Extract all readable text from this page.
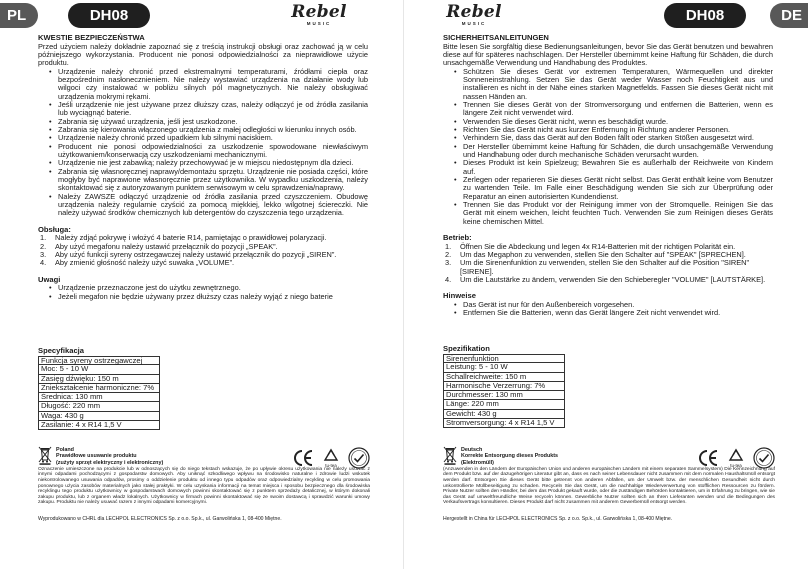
PL	DH08	Rebel
MUSIC
KWESTIE BEZPIECZEŃSTWA
Przed użyciem należy dokładnie zapoznać się z treścią instrukcji obsługi oraz zachować ją w celu późniejszego wykorzystania. Producent nie ponosi odpowiedzialności za nieprawidłowe użycie produktu.
• Urządzenie należy chronić przed ekstremalnymi temperaturami, źródłami ciepła oraz bezpośrednim nasłonecznieniem. Nie należy wystawiać urządzenia na działanie wody lub wilgoci czy instalować w pobliżu silnych pól magnetycznych. Nie należy obsługiwać urządzenia mokrymi rękami.
• Jeśli urządzenie nie jest używane przez dłuższy czas, należy odłączyć je od źródła zasilania lub wyciągnąć baterie.
• Zabrania się używać urządzenia, jeśli jest uszkodzone.
• Zabrania się kierowania włączonego urządzenia z małej odległości w kierunku innych osób.
• Urządzenie należy chronić przed upadkiem lub silnymi naciskiem.
• Producent nie ponosi odpowiedzialności za uszkodzenie spowodowane niewłaściwym użytkowaniem/konserwacją czy uszkodzeniami mechanicznymi.
• Urządzenie nie jest zabawką; należy przechowywać je w miejscu niedostępnym dla dzieci.
• Zabrania się własnoręcznej naprawy/demontażu sprzętu. Urządzenie nie posiada części, które mogłyby być naprawione własnoręcznie przez użytkownika. W wypadku uszkodzenia, należy skontaktować się z autoryzowanym punktem serwisowym w celu sprawdzenia/naprawy.
• Należy ZAWSZE odłączyć urządzenie od źródła zasilania przed czyszczeniem. Obudowę urządzenia należy regularnie czyścić za pomocą miękkiej, lekko wilgotnej ściereczki. Nie należy używać środków chemicznych lub detergentów do czyszczenia tego urządzenia.
Obsługa:
1. Należy zdjąć pokrywę i włożyć 4 baterie R14, pamiętając o prawidłowej polaryzacji.
2. Aby użyć megafonu należy ustawić przełącznik do pozycji „SPEAK”.
3. Aby użyć funkcji syreny ostrzegawczej należy ustawić przełącznik do pozycji „SIREN”.
4. Aby zmienić głośność należy użyć suwaka „VOLUME”.
Uwagi
• Urządzenie przeznaczone jest do użytku zewnętrznego.
• Jeżeli megafon nie będzie używany przez dłuższy czas należy wyjąć z niego baterie
Specyfikacja
Funkcja syreny ostrzegawczej
Moc: 5 - 10 W
Zasięg dźwięku: 150 m
Zniekształcenie harmoniczne: 7%
Średnica: 130 mm
Długość: 220 mm
Waga: 430 g
Zasilanie: 4 x R14 1,5 V
Poland
Prawidłowe usuwanie produktu
(zużyty sprzęt elektryczny i elektroniczny)	tu-tea
Oznaczenie umieszczone na produkcie lub w odnoszących się do niego tekstach wskazuje, że po upływie okresu użytkowania nie należy usuwać z innymi odpadami pochodzącymi z gospodarstw domowych. Aby uniknąć szkodliwego wpływu na środowisko naturalne i zdrowie ludzi wskutek niekontrolowanego usuwania odpadów, prosimy o oddzielenie produktu od innego typu odpadów oraz odpowiedzialny recykling w celu promowania ponownego użycia zasobów materialnych jako stałej praktyki. W celu uzyskania informacji na temat miejsca i sposobu bezpiecznego dla środowiska recyklingu tego produktu użytkownicy w gospodarstwach domowych powinni skontaktować się z punktem sprzedaży detalicznej, w którym dokonali zakupu produktu, lub z organem władz lokalnych. Użytkownicy w firmach powinni skontaktować się ze swoim dostawcą i sprawdzić warunki umowy zakupu. Produktu nie należy usuwać razem z innymi odpadami komercyjnymi.
Wyprodukowano w CHRL dla LECHPOL ELECTRONICS Sp. z o.o. Sp.k., ul. Garwolińska 1, 08-400 Miętne.
DE
DH08
Rebel
MUSIC
SICHERHEITSANLEITUNGEN
Bitte lesen Sie sorgfältig diese Bedienungsanleitungen, bevor Sie das Gerät benutzen und bewahren diese auf für späteres nachschlagen. Der Hersteller übernimmt keine Haftung für Schäden, die durch unsachgemäße Verwendung und Handhabung des Produktes.
• Schützen Sie dieses Gerät vor extremen Temperaturen, Wärmequellen und direkter Sonneneinstrahlung. Setzen Sie das Gerät weder Wasser noch Feuchtigkeit aus und installieren es nicht in der Nähe eines starken Magnetfelds. Fassen Sie dieses Gerät nicht mit nassen Händen an.
• Trennen Sie dieses Gerät von der Stromversorgung und entfernen die Batterien, wenn es längere Zeit nicht verwendet wird.
• Verwenden Sie dieses Gerät nicht, wenn es beschädigt wurde.
• Richten Sie das Gerät nicht aus kurzer Entfernung in Richtung anderer Personen.
• Verhindern Sie, dass das Gerät auf den Boden fällt oder starken Stößen ausgesetzt wird.
• Der Hersteller übernimmt keine Haftung für Schäden, die durch unsachgemäße Verwendung und Handhabung oder durch mechanische Schäden verursacht wurden.
• Dieses Produkt ist kein Spielzeug; Bewahren Sie es außerhalb der Reichweite von Kindern auf.
• Zerlegen oder reparieren Sie dieses Gerät nicht selbst. Das Gerät enthält keine vom Benutzer zu wartenden Teile. Im Falle einer Beschädigung wenden Sie sich zur Überprüfung oder Reparatur an einen autorisierten Kundendienst.
• Trennen Sie das Produkt vor der Reinigung immer von der Stromquelle. Reinigen Sie das Gerät mit einem weichen, leicht feuchten Tuch. Verwenden Sie zum Reinigen dieses Geräts keine chemischen Mittel.
Betrieb:
1. Öffnen Sie die Abdeckung und legen 4x R14-Batterien mit der richtigen Polarität ein.
2. Um das Megaphon zu verwenden, stellen Sie den Schalter auf "SPEAK" [SPRECHEN].
3. Um die Sirenenfunktion zu verwenden, stellen Sie den Schalter auf die Position "SIREN" [SIRENE].
4. Um die Lautstärke zu ändern, verwenden Sie den Schieberegler "VOLUME" [LAUTSTÄRKE].
Hinweise
• Das Gerät ist nur für den Außenbereich vorgesehen.
• Entfernen Sie die Batterien, wenn das Gerät längere Zeit nicht verwendet wird.
Spezifikation
Sirenenfunktion
Leistung: 5 - 10 W
Schallreichweite: 150 m
Harmonische Verzerrung: 7%
Durchmesser: 130 mm
Länge: 220 mm
Gewicht: 430 g
Stromversorgung: 4 x R14 1,5 V
Deutsch
Korrekte Entsorgung dieses Produkts
(Elektromüll)	tu-tea
(Anzuwenden in den Ländern der Europäischen Union und anderen europäischen Ländern mit einem separaten Sammelsystem) Die Kennzeichnung auf dem Produkt bzw. auf der dazugehörigen Literatur gibt an, dass es nach seiner Lebensdauer nicht zusammen mit dem normalen Haushaltsmüll entsorgt werden darf. Entsorgen Sie dieses Gerät bitte getrennt von anderen Abfällen, um der Umwelt bzw. der menschlichen Gesundheit nicht durch unkontrollierte Müllbeseitigung zu schaden. Recyceln Sie das Gerät, um die nachhaltige Wiederverwertung von stofflichen Ressourcen zu fördern. Private Nutzer sollten den Händler, bei dem das Produkt gekauft wurde, oder die zuständigen Behörden kontaktieren, um in Erfahrung zu bringen, wie sie das Gerät auf umweltfreundliche Weise recyceln können. Gewerbliche Nutzer sollten sich an Ihren Lieferanten wenden und die Bedingungen des Verkaufsvertrags konsultieren. Dieses Produkt darf nicht zusammen mit anderem Gewerbemüll entsorgt werden.
Hergestellt in China für LECHPOL ELECTRONICS Sp. z o.o. Sp.k., ul. Garwolińska 1, 08-400 Miętne.
